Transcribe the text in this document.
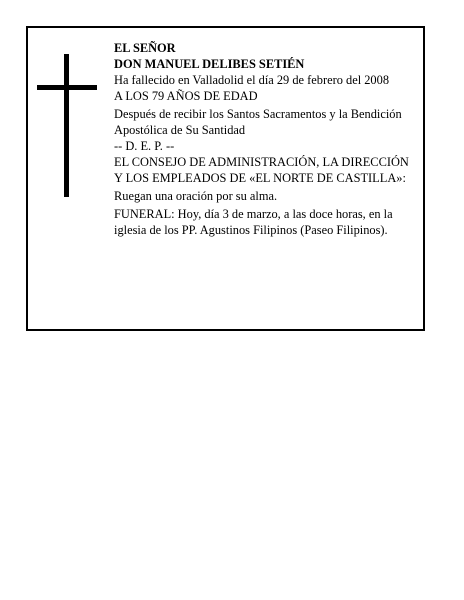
EL SEÑOR

DON MANUEL DELIBES SETIÉN

Ha fallecido en Valladolid el día 29 de febrero del 2008

A LOS 79 AÑOS DE EDAD

Después de recibir los Santos Sacramentos y la Bendición Apostólica de Su Santidad

-- D. E. P. --

EL CONSEJO DE ADMINISTRACIÓN, LA DIRECCIÓN Y LOS EMPLEADOS DE «EL NORTE DE CASTILLA»:

Ruegan una oración por su alma.

FUNERAL: Hoy, día 3 de marzo, a las doce horas, en la iglesia de los PP. Agustinos Filipinos (Paseo Filipinos).
